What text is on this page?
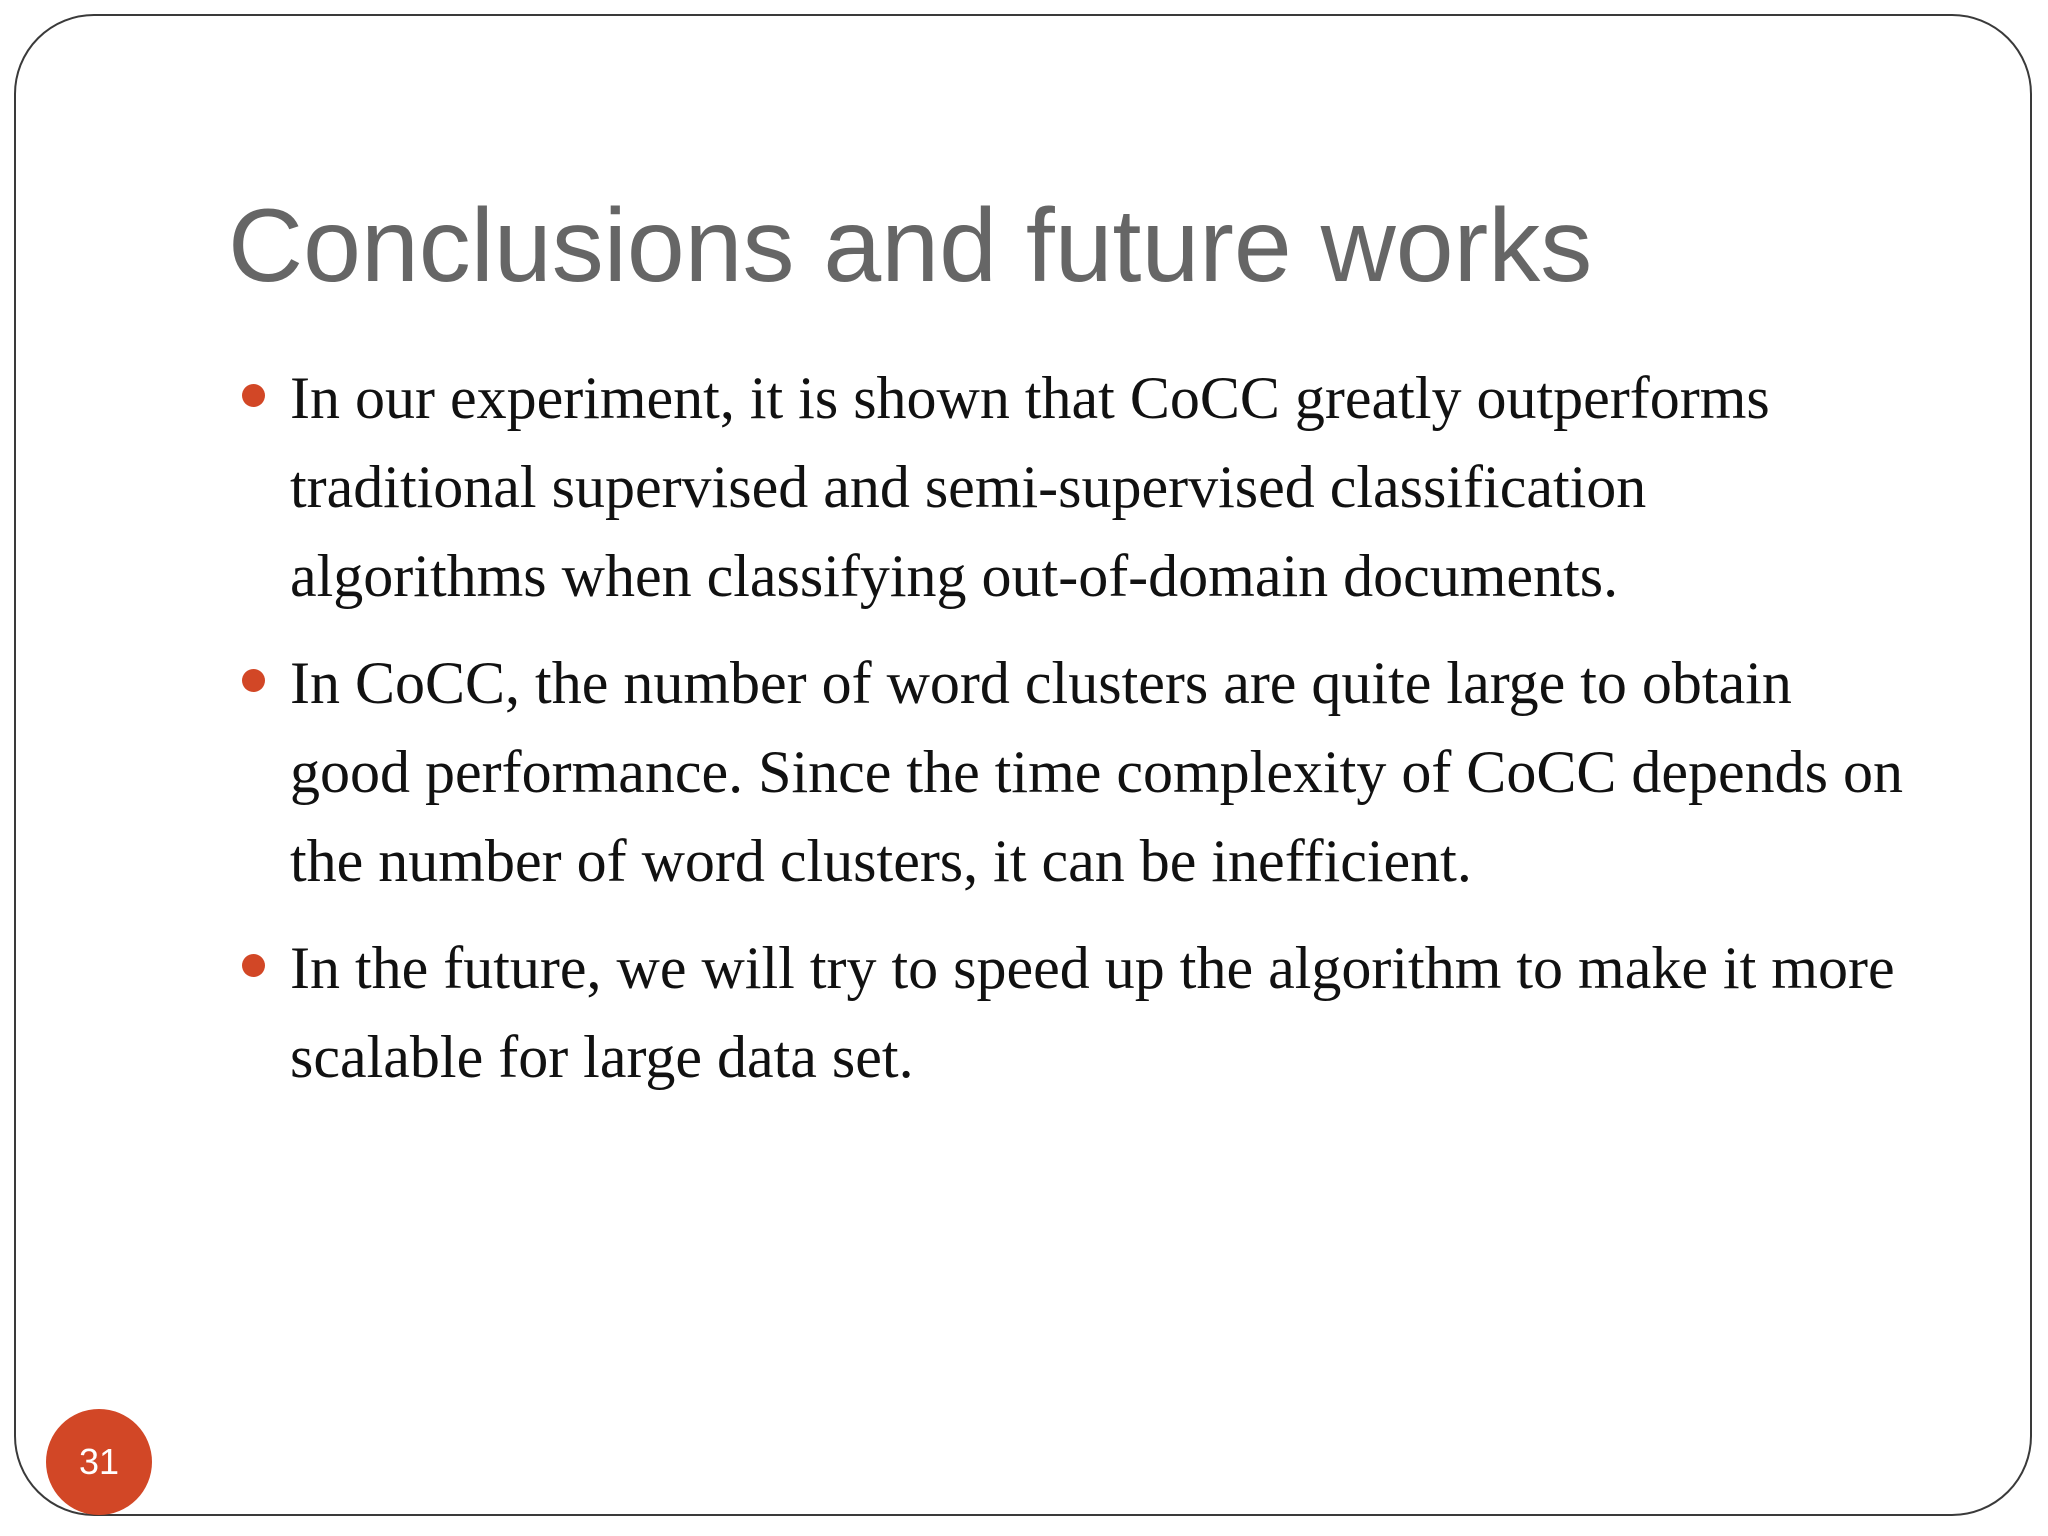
Conclusions and future works
In our experiment, it is shown that CoCC greatly outperforms traditional supervised and semi-supervised classification algorithms when classifying out-of-domain documents.
In CoCC, the number of word clusters are quite large to obtain good performance. Since the time complexity of CoCC depends on the number of word clusters, it can be inefficient.
In the future, we will try to speed up the algorithm to make it more scalable for large data set.
31
